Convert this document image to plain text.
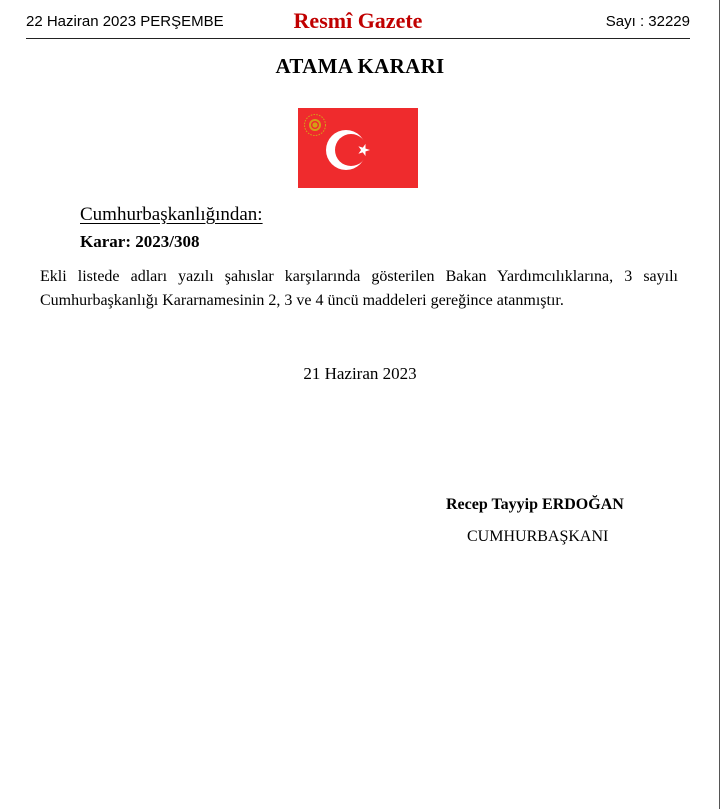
22 Haziran 2023 PERŞEMBE	Resmî Gazete	Sayı : 32229
ATAMA KARARI
Cumhurbaşkanlığından:
Karar: 2023/308
Ekli listede adları yazılı şahıslar karşılarında gösterilen Bakan Yardımcılıklarına, 3 sayılı
Cumhurbaşkanlığı Kararnamesinin 2, 3 ve 4 üncü maddeleri gereğince atanmıştır.
21 Haziran 2023
Recep Tayyip ERDOĞAN
CUMHURBAŞKANI
